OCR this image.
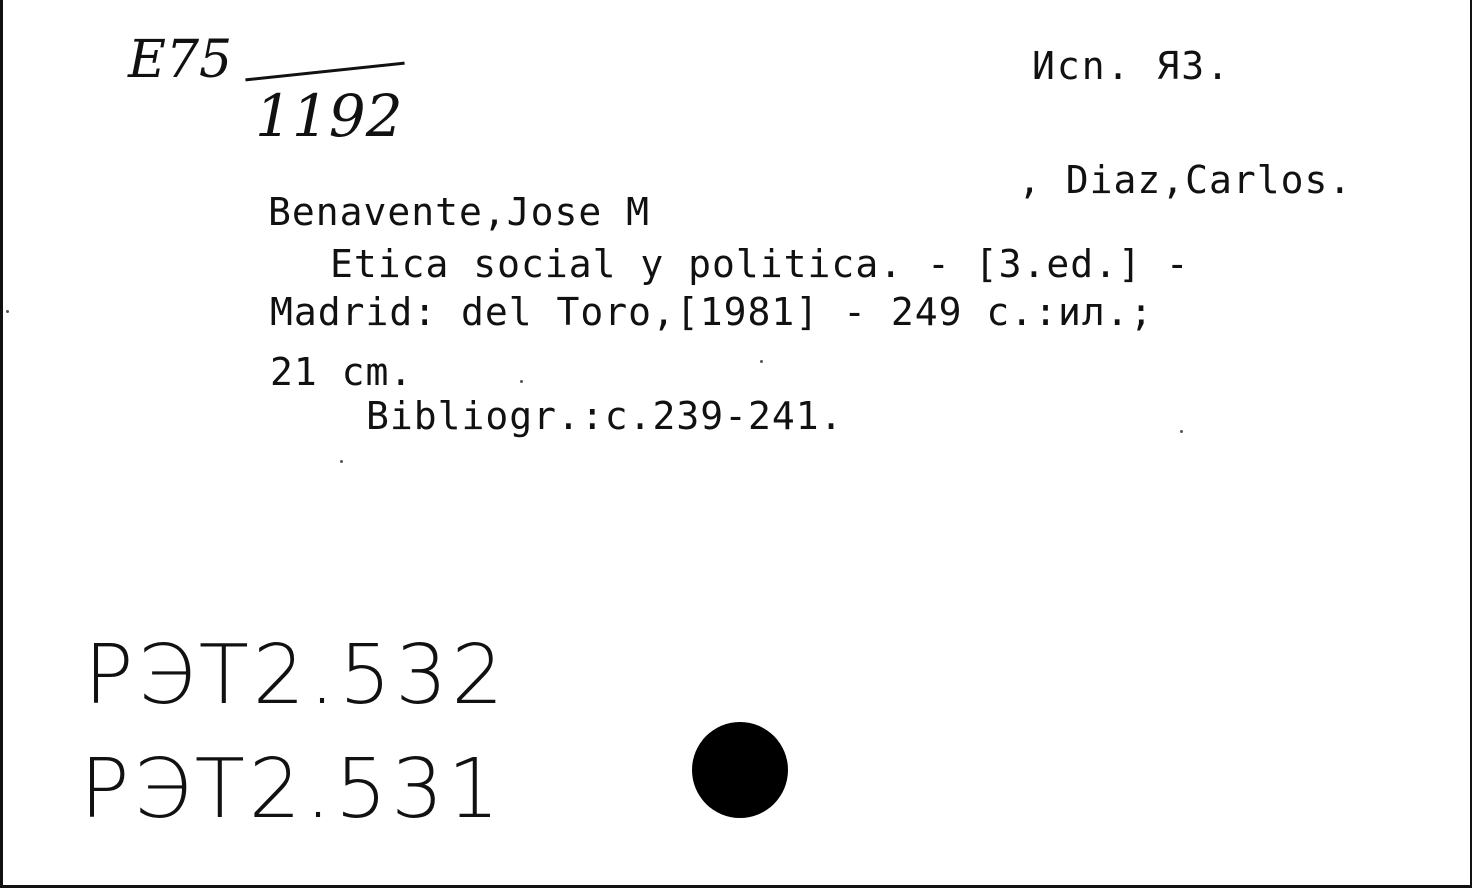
E75
1192
Иcn. Я3.
Benavente,Jose M
, Diaz,Carlos.
Etica social y politica. - [3.ed.] -
Madrid: del Toro,[1981] - 249 c.:ил.;
21 cm.
Bibliogr.:c.239-241.
PЭT2.532
PЭT2.531
